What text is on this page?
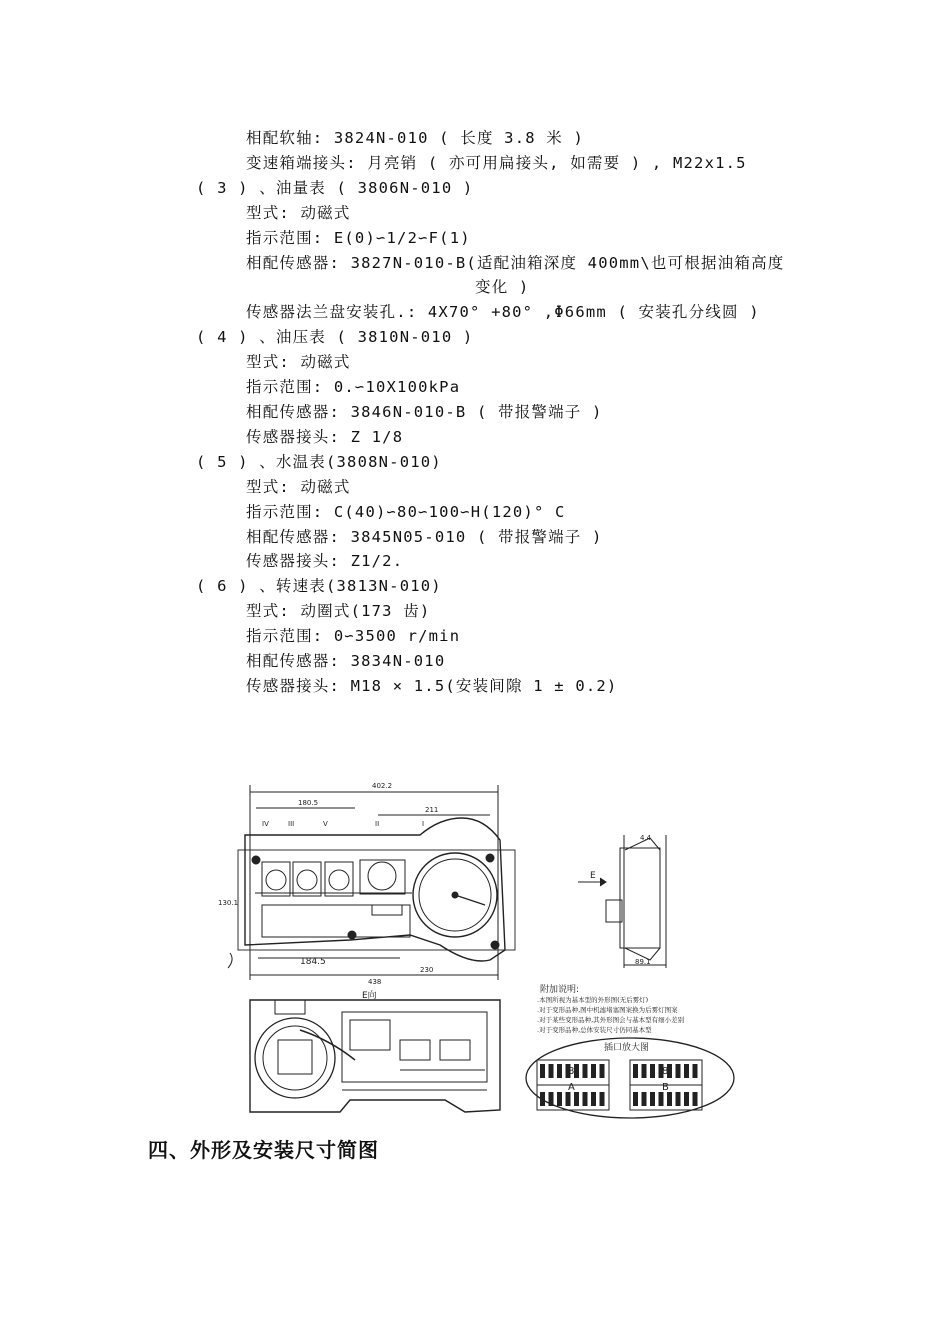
相配软轴: 3824N-010 ( 长度 3.8 米 )
变速箱端接头: 月亮销 ( 亦可用扁接头, 如需要 ) , M22x1.5
( 3 ) 、油量表 ( 3806N-010 )
型式: 动磁式
指示范围: E(0)∽1/2∽F(1)
相配传感器: 3827N-010-B(适配油箱深度 400mm\也可根据油箱高度
变化 )
传感器法兰盘安装孔.: 4X70° +80° ,Φ66mm ( 安装孔分线圆 )
( 4 ) 、油压表 ( 3810N-010 )
型式: 动磁式
指示范围: 0.∽10X100kPa
相配传感器: 3846N-010-B ( 带报警端子 )
传感器接头: Z 1/8
( 5 ) 、水温表(3808N-010)
型式: 动磁式
指示范围: C(40)∽80∽100∽H(120)° C
相配传感器: 3845N05-010 ( 带报警端子 )
传感器接头: Z1/2.
( 6 ) 、转速表(3813N-010)
型式: 动圈式(173 齿)
指示范围: 0∽3500 r/min
相配传感器: 3834N-010
传感器接头: M18 × 1.5(安装间隙 1 ± 0.2)
402.2
180.5
211
184.5
438
230
130.1
4.4
89.1
IV	III	V	II	I
E向
E
附加说明:
.本图所视为基本型的外形图(无后雾灯)
.对于变形品种,图中机滤堵塞图案换为后雾灯图案
.对于某些变形品种,其外形图会与基本型有细小差别
.对于变形品种,总体安装尺寸仍同基本型
插口放大图
8
A
8
B
四、外形及安装尺寸简图
